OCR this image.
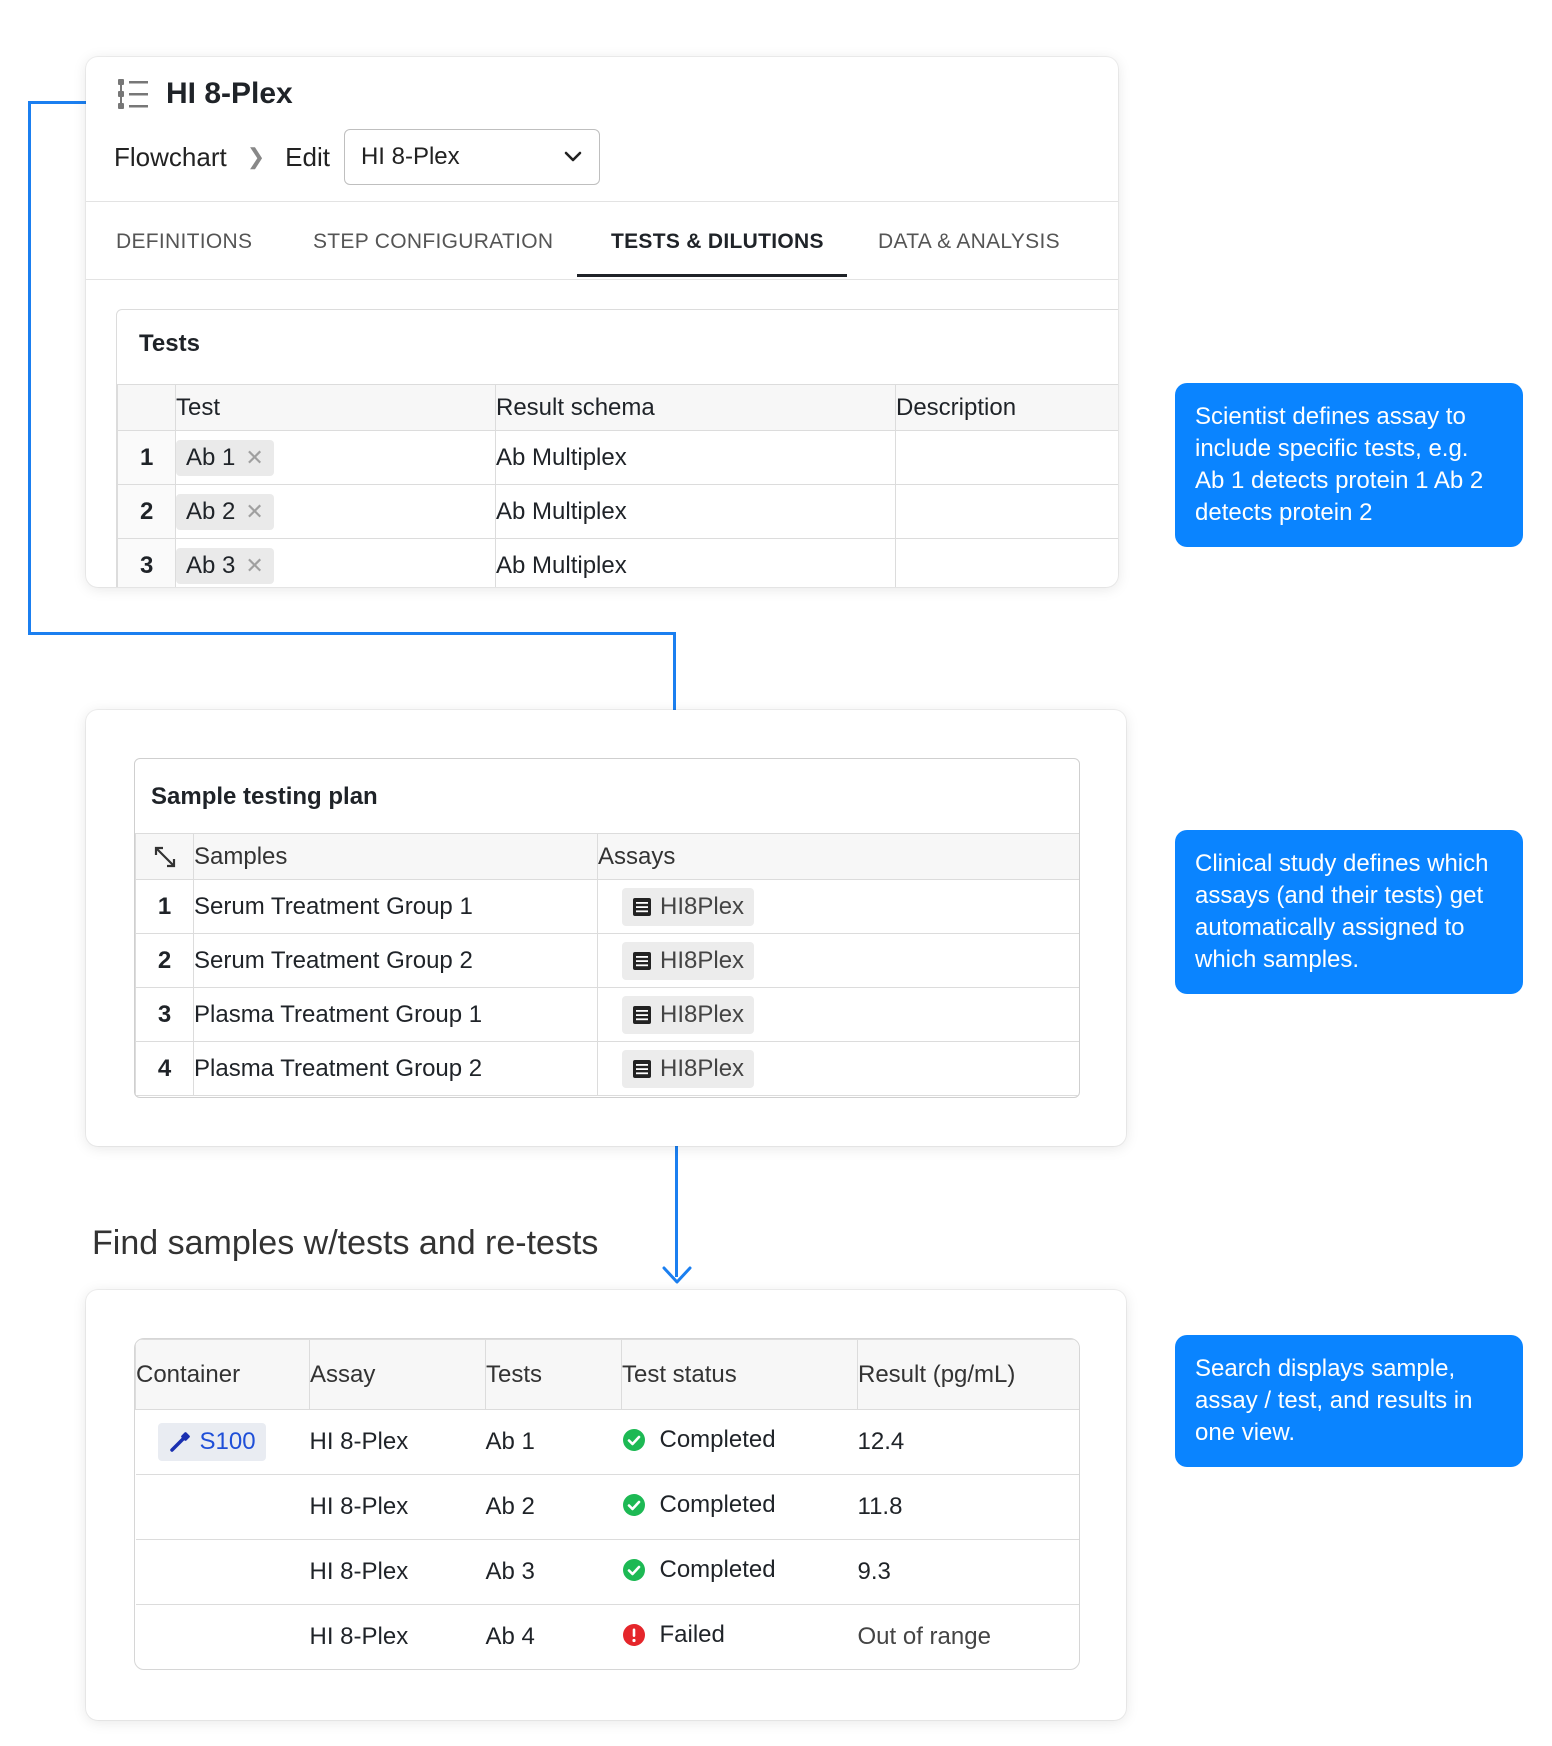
HI 8-Plex
Flowchart ❯ Edit HI 8-Plex
DEFINITIONS	STEP CONFIGURATION	TESTS & DILUTIONS	DATA & ANALYSIS
Tests
	Test	Result schema	Description
1	Ab 1 ✕	Ab Multiplex	
2	Ab 2 ✕	Ab Multiplex	
3	Ab 3 ✕	Ab Multiplex	
Sample testing plan
	Samples	Assays
1	Serum Treatment Group 1	HI8Plex

2	Serum Treatment Group 2	HI8Plex

3	Plasma Treatment Group 1	HI8Plex

4	Plasma Treatment Group 2	HI8Plex
Find samples w/tests and re-tests
Container	Assay	Tests	Test status	Result (pg/mL)

S100	HI 8-Plex	Ab 1	Completed	12.4
	HI 8-Plex	Ab 2	Completed	11.8
	HI 8-Plex	Ab 3	Completed	9.3
	HI 8-Plex	Ab 4	Failed	Out of range
Scientist defines assay to include specific tests, e.g. Ab 1 detects protein 1 Ab 2 detects protein 2
Clinical study defines which assays (and their tests) get automatically assigned to which samples.
Search displays sample, assay / test, and results in one view.
